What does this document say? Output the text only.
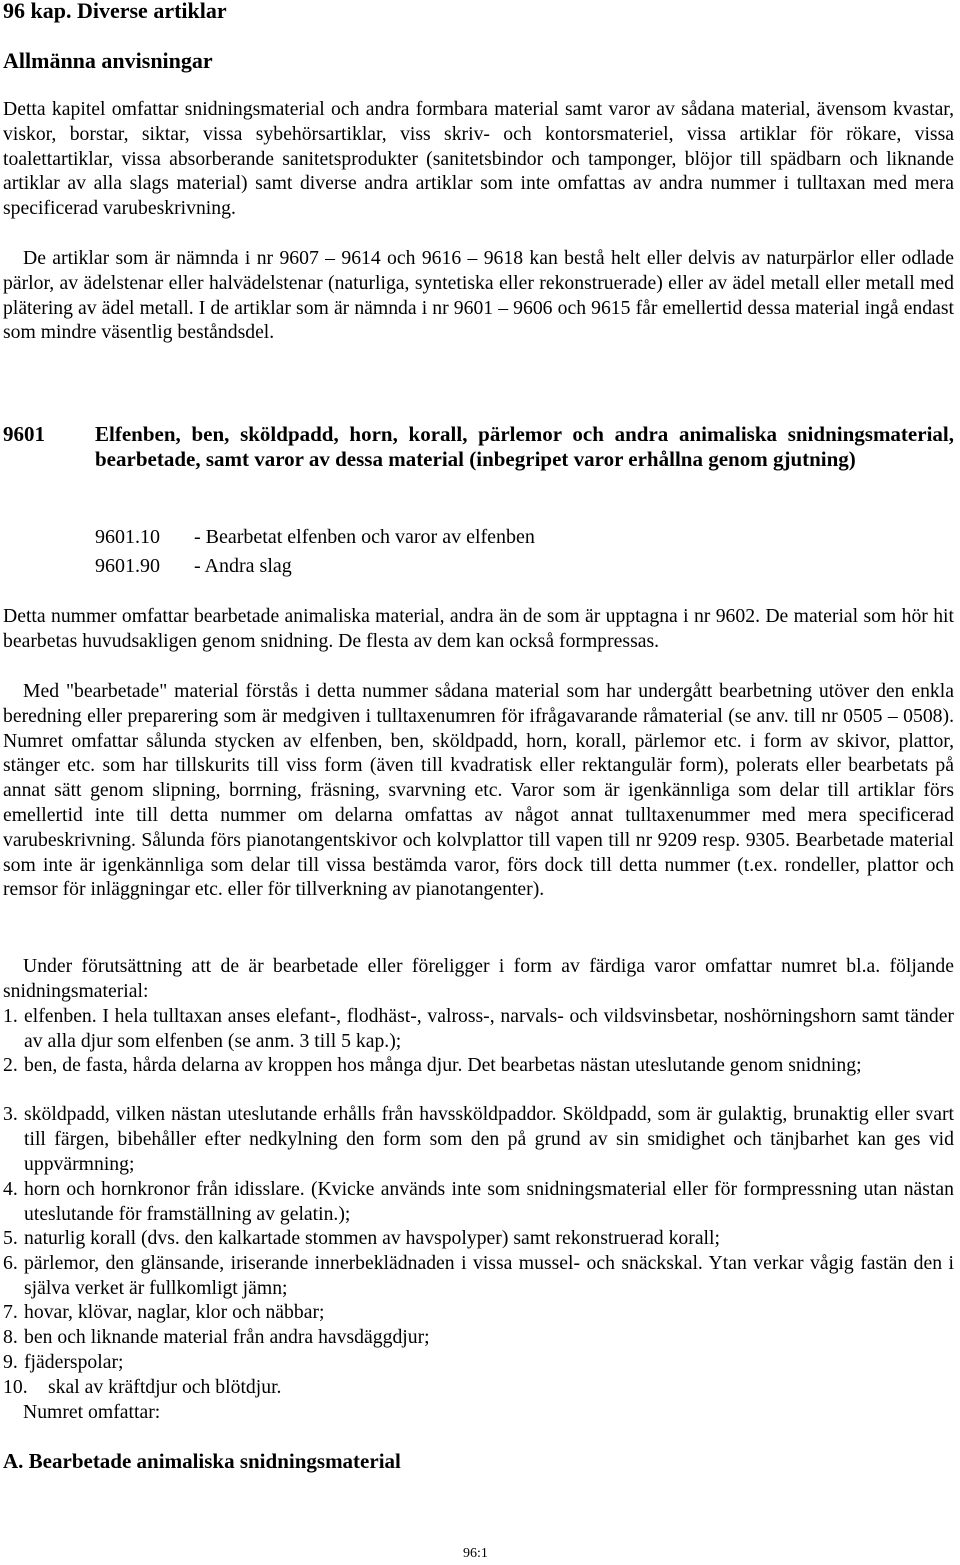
96 kap. Diverse artiklar
Allmänna anvisningar
Detta kapitel omfattar snidningsmaterial och andra formbara material samt varor av sådana material, ävensom kvastar, viskor, borstar, siktar, vissa sybehörsartiklar, viss skriv- och kontorsmateriel, vissa artiklar för rökare, vissa toalettartiklar, vissa absorberande sanitetsprodukter (sanitetsbindor och tamponger, blöjor till spädbarn och liknande artiklar av alla slags material) samt diverse andra artiklar som inte omfattas av andra nummer i tulltaxan med mera specificerad varubeskrivning.
De artiklar som är nämnda i nr 9607 – 9614 och 9616 – 9618 kan bestå helt eller delvis av naturpärlor eller odlade pärlor, av ädelstenar eller halvädelstenar (naturliga, syntetiska eller rekonstruerade) eller av ädel metall eller metall med plätering av ädel metall. I de artiklar som är nämnda i nr 9601 – 9606 och 9615 får emellertid dessa material ingå endast som mindre väsentlig beståndsdel.
9601 Elfenben, ben, sköldpadd, horn, korall, pärlemor och andra animaliska snidningsmaterial, bearbetade, samt varor av dessa material (inbegripet varor erhållna genom gjutning)
9601.10 - Bearbetat elfenben och varor av elfenben
9601.90 - Andra slag
Detta nummer omfattar bearbetade animaliska material, andra än de som är upptagna i nr 9602. De material som hör hit bearbetas huvudsakligen genom snidning. De flesta av dem kan också formpressas.
Med "bearbetade" material förstås i detta nummer sådana material som har undergått bearbetning utöver den enkla beredning eller preparering som är medgiven i tulltaxenumren för ifrågavarande råmaterial (se anv. till nr 0505 – 0508). Numret omfattar sålunda stycken av elfenben, ben, sköldpadd, horn, korall, pärlemor etc. i form av skivor, plattor, stänger etc. som har tillskurits till viss form (även till kvadratisk eller rektangulär form), polerats eller bearbetats på annat sätt genom slipning, borrning, fräsning, svarvning etc. Varor som är igenkännliga som delar till artiklar förs emellertid inte till detta nummer om delarna omfattas av något annat tulltaxenummer med mera specificerad varubeskrivning. Sålunda förs pianotangentskivor och kolvplattor till vapen till nr 9209 resp. 9305. Bearbetade material som inte är igenkännliga som delar till vissa bestämda varor, förs dock till detta nummer (t.ex. rondeller, plattor och remsor för inläggningar etc. eller för tillverkning av pianotangenter).
Under förutsättning att de är bearbetade eller föreligger i form av färdiga varor omfattar numret bl.a. följande snidningsmaterial:
1. elfenben. I hela tulltaxan anses elefant-, flodhäst-, valross-, narvals- och vildsvinsbetar, noshörningshorn samt tänder av alla djur som elfenben (se anm. 3 till 5 kap.);
2. ben, de fasta, hårda delarna av kroppen hos många djur. Det bearbetas nästan uteslutande genom snidning;
3. sköldpadd, vilken nästan uteslutande erhålls från havssköldpaddor. Sköldpadd, som är gulaktig, brunaktig eller svart till färgen, bibehåller efter nedkylning den form som den på grund av sin smidighet och tänjbarhet kan ges vid uppvärmning;
4. horn och hornkronor från idisslare. (Kvicke används inte som snidningsmaterial eller för formpressning utan nästan uteslutande för framställning av gelatin.);
5. naturlig korall (dvs. den kalkartade stommen av havspolyper) samt rekonstruerad korall;
6. pärlemor, den glänsande, iriserande innerbeklädnaden i vissa mussel- och snäckskal. Ytan verkar vågig fastän den i själva verket är fullkomligt jämn;
7. hovar, klövar, naglar, klor och näbbar;
8. ben och liknande material från andra havsdäggdjur;
9. fjäderspolar;
10. skal av kräftdjur och blötdjur.
Numret omfattar:
A. Bearbetade animaliska snidningsmaterial
96:1
